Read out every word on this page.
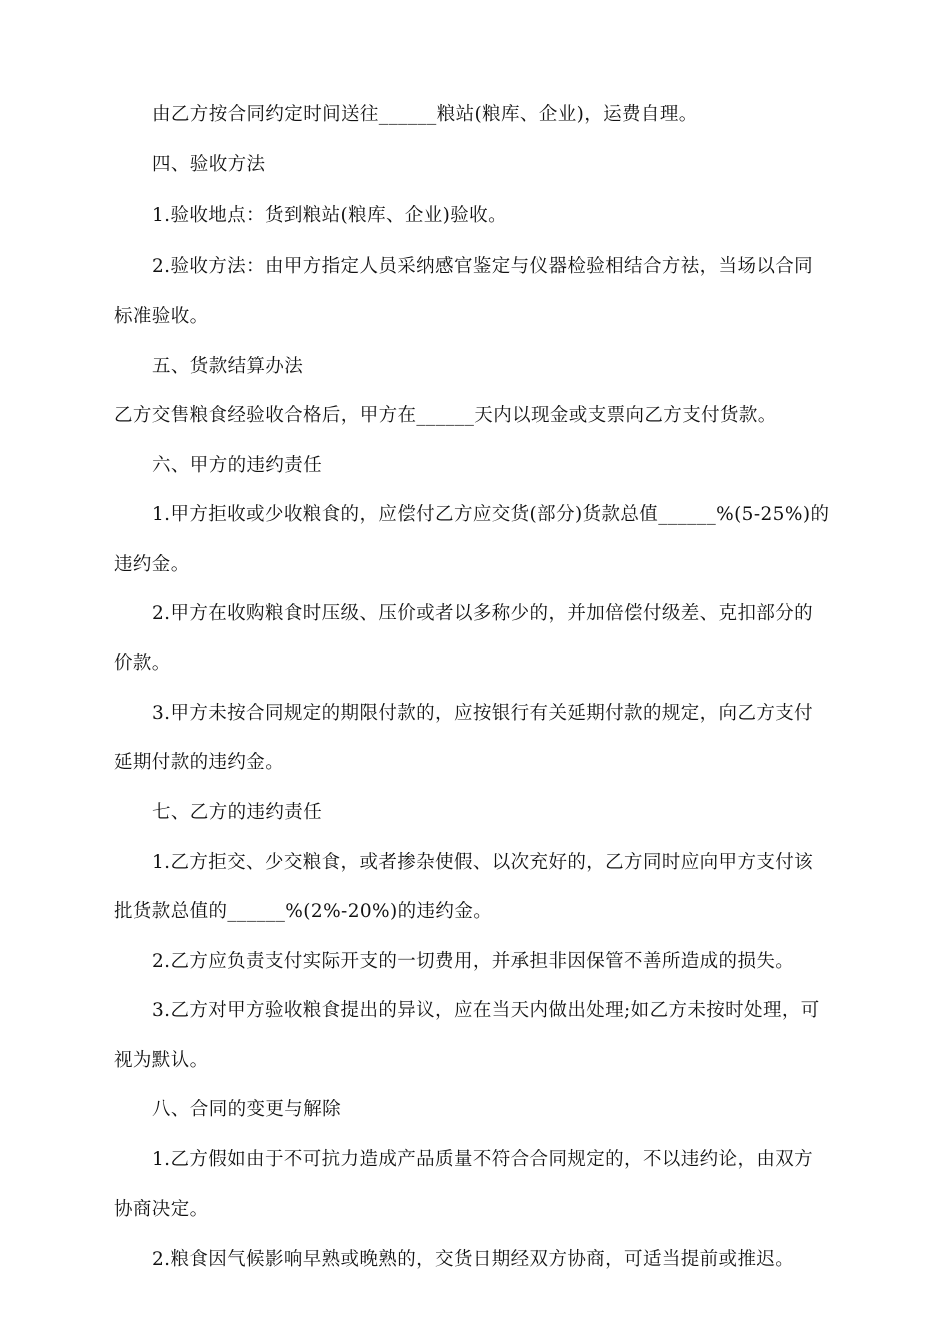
由乙方按合同约定时间送往______粮站(粮库、企业)，运费自理。
四、验收方法
1.验收地点：货到粮站(粮库、企业)验收。
2.验收方法：由甲方指定人员采纳感官鉴定与仪器检验相结合方祛，当场以合同
标准验收。
五、货款结算办法
乙方交售粮食经验收合格后，甲方在______天内以现金或支票向乙方支付货款。
六、甲方的违约责任
1.甲方拒收或少收粮食的，应偿付乙方应交货(部分)货款总值______%(5-25%)的
违约金。
2.甲方在收购粮食时压级、压价或者以多称少的，并加倍偿付级差、克扣部分的
价款。
3.甲方未按合同规定的期限付款的，应按银行有关延期付款的规定，向乙方支付
延期付款的违约金。
七、乙方的违约责任
1.乙方拒交、少交粮食，或者掺杂使假、以次充好的，乙方同时应向甲方支付该
批货款总值的______%(2%-20%)的违约金。
2.乙方应负责支付实际开支的一切费用，并承担非因保管不善所造成的损失。
3.乙方对甲方验收粮食提出的异议，应在当天内做出处理;如乙方未按时处理，可
视为默认。
八、合同的变更与解除
1.乙方假如由于不可抗力造成产品质量不符合合同规定的，不以违约论，由双方
协商决定。
2.粮食因气候影响早熟或晚熟的，交货日期经双方协商，可适当提前或推迟。
